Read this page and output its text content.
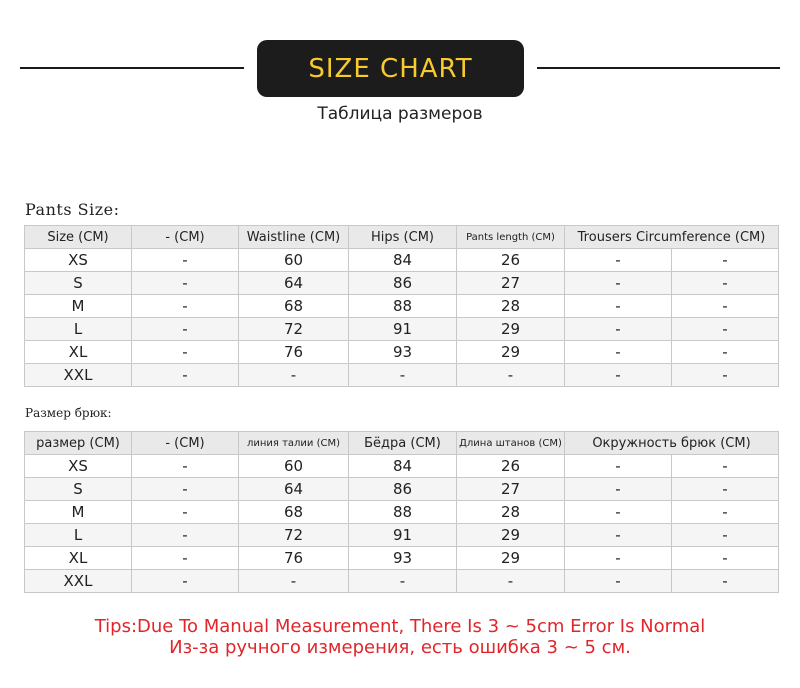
SIZE CHART
Таблица размеров
Pants Size:
Size (CM)	- (CM)	Waistline (CM)	Hips (CM)	Pants length (CM)	Trousers Circumference (CM)	
XS	-	60	84	26	-	-
S	-	64	86	27	-	-
M	-	68	88	28	-	-
L	-	72	91	29	-	-
XL	-	76	93	29	-	-
XXL	-	-	-	-	-	-
Размер брюк:
размер (CM)	- (CM)	линия талии (CM)	Бёдра (CM)	Длина штанов (CM)	Окружность брюк (CM)	
XS	-	60	84	26	-	-
S	-	64	86	27	-	-
M	-	68	88	28	-	-
L	-	72	91	29	-	-
XL	-	76	93	29	-	-
XXL	-	-	-	-	-	-
Tips:Due To Manual Measurement, There Is 3 ~ 5cm Error Is Normal
Из-за ручного измерения, есть ошибка 3 ~ 5 см.
